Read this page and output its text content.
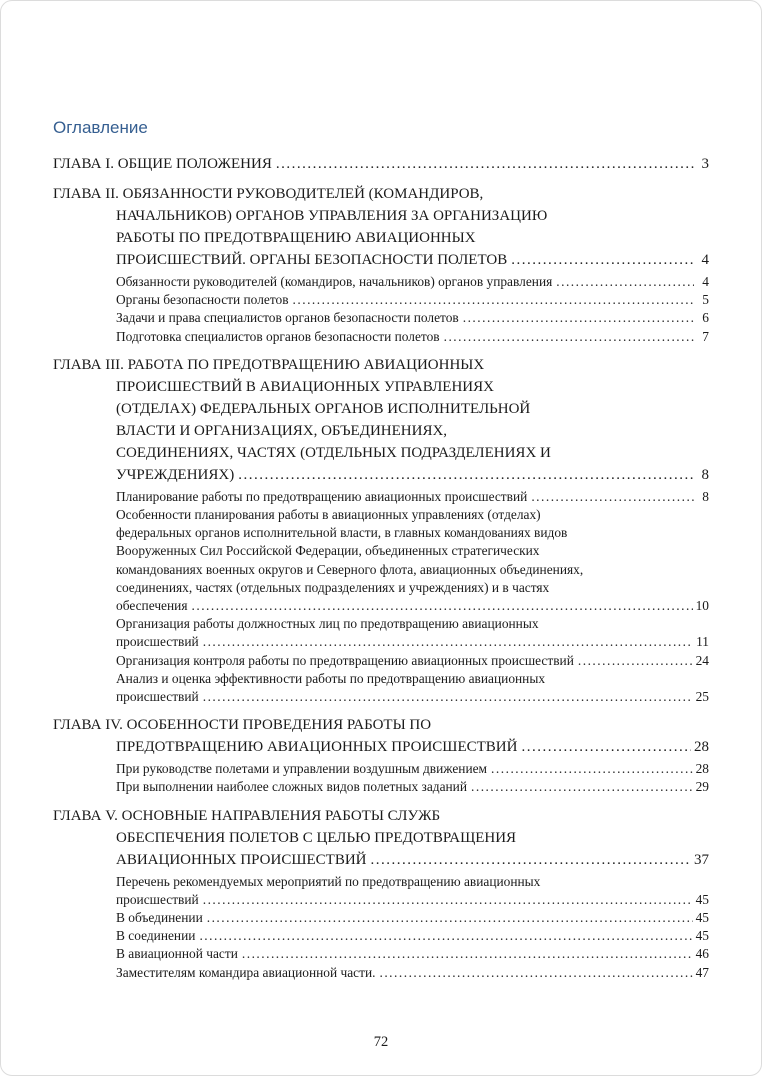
Оглавление
ГЛАВА I. ОБЩИЕ ПОЛОЖЕНИЯ .....	3
ГЛАВА II. ОБЯЗАННОСТИ РУКОВОДИТЕЛЕЙ (КОМАНДИРОВ,
НАЧАЛЬНИКОВ) ОРГАНОВ УПРАВЛЕНИЯ ЗА ОРГАНИЗАЦИЮ
РАБОТЫ ПО ПРЕДОТВРАЩЕНИЮ АВИАЦИОННЫХ
ПРОИСШЕСТВИЙ. ОРГАНЫ БЕЗОПАСНОСТИ ПОЛЕТОВ .....	4
Обязанности руководителей (командиров, начальников) органов управления .....	4
Органы безопасности полетов .....	5
Задачи и права специалистов органов безопасности полетов .....	6
Подготовка специалистов органов безопасности полетов .....	7
ГЛАВА III. РАБОТА ПО ПРЕДОТВРАЩЕНИЮ АВИАЦИОННЫХ
ПРОИСШЕСТВИЙ В АВИАЦИОННЫХ УПРАВЛЕНИЯХ
(ОТДЕЛАХ) ФЕДЕРАЛЬНЫХ ОРГАНОВ ИСПОЛНИТЕЛЬНОЙ
ВЛАСТИ И ОРГАНИЗАЦИЯХ, ОБЪЕДИНЕНИЯХ,
СОЕДИНЕНИЯХ, ЧАСТЯХ (ОТДЕЛЬНЫХ ПОДРАЗДЕЛЕНИЯХ И
УЧРЕЖДЕНИЯХ) .....	8
Планирование работы по предотвращению авиационных происшествий .....	8
Особенности планирования работы в авиационных управлениях (отделах)
федеральных органов исполнительной власти, в главных командованиях видов
Вооруженных Сил Российской Федерации, объединенных стратегических
командованиях военных округов и Северного флота, авиационных объединениях,
соединениях, частях (отдельных подразделениях и учреждениях) и в частях
обеспечения .....	10
Организация работы должностных лиц по предотвращению авиационных
происшествий .....	11
Организация контроля работы по предотвращению авиационных происшествий .....	24
Анализ и оценка эффективности работы по предотвращению авиационных
происшествий .....	25
ГЛАВА IV. ОСОБЕННОСТИ ПРОВЕДЕНИЯ РАБОТЫ ПО
ПРЕДОТВРАЩЕНИЮ АВИАЦИОННЫХ ПРОИСШЕСТВИЙ .....	28
При руководстве полетами и управлении воздушным движением .....	28
При выполнении наиболее сложных видов полетных заданий .....	29
ГЛАВА V. ОСНОВНЫЕ НАПРАВЛЕНИЯ РАБОТЫ СЛУЖБ
ОБЕСПЕЧЕНИЯ ПОЛЕТОВ С ЦЕЛЬЮ ПРЕДОТВРАЩЕНИЯ
АВИАЦИОННЫХ ПРОИСШЕСТВИЙ .....	37
Перечень рекомендуемых мероприятий по предотвращению авиационных
происшествий .....	45
В объединении .....	45
В соединении .....	45
В авиационной части .....	46
Заместителям командира авиационной части. .....	47
72
